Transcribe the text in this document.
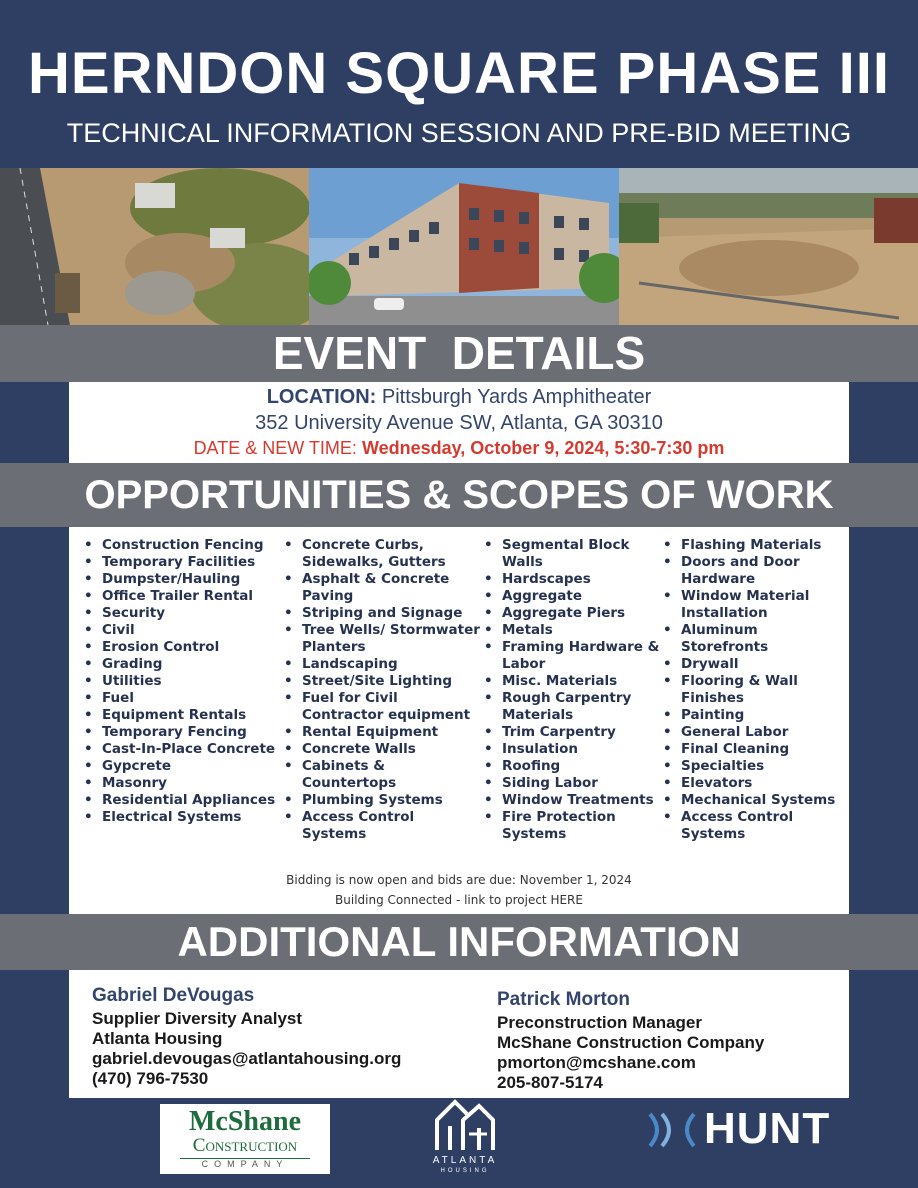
HERNDON SQUARE PHASE III
TECHNICAL INFORMATION SESSION AND PRE-BID MEETING
EVENT  DETAILS
LOCATION: Pittsburgh Yards Amphitheater
352 University Avenue SW, Atlanta, GA 30310
DATE & NEW TIME: Wednesday, October 9, 2024, 5:30-7:30 pm
OPPORTUNITIES & SCOPES OF WORK
Bidding is now open and bids are due: November 1, 2024
Building Connected - link to project HERE
• Construction Fencing
• Temporary Facilities
• Dumpster/Hauling
• Office Trailer Rental
• Security
• Civil
• Erosion Control
• Grading
• Utilities
• Fuel
• Equipment Rentals
• Temporary Fencing
• Cast-In-Place Concrete
• Gypcrete
• Masonry
• Residential Appliances
• Electrical Systems
• Concrete Curbs, Sidewalks, Gutters
• Asphalt & Concrete Paving
• Striping and Signage
• Tree Wells/ Stormwater Planters
• Landscaping
• Street/Site Lighting
• Fuel for Civil Contractor equipment
• Rental Equipment
• Concrete Walls
• Cabinets & Countertops
• Plumbing Systems
• Access Control Systems
• Segmental Block Walls
• Hardscapes
• Aggregate
• Aggregate Piers
• Metals
• Framing Hardware & Labor
• Misc. Materials
• Rough Carpentry Materials
• Trim Carpentry
• Insulation
• Roofing
• Siding Labor
• Window Treatments
• Fire Protection Systems
• Flashing Materials
• Doors and Door Hardware
• Window Material Installation
• Aluminum Storefronts
• Drywall
• Flooring & Wall Finishes
• Painting
• General Labor
• Final Cleaning
• Specialties
• Elevators
• Mechanical Systems
• Access Control Systems
ADDITIONAL INFORMATION
Gabriel DeVougas
Supplier Diversity Analyst
Atlanta Housing
gabriel.devougas@atlantahousing.org
(470) 796-7530
Patrick Morton
Preconstruction Manager
McShane Construction Company
pmorton@mcshane.com
205-807-5174
McShane
Construction
COMPANY	ATLANTA
HOUSING
HUNT
